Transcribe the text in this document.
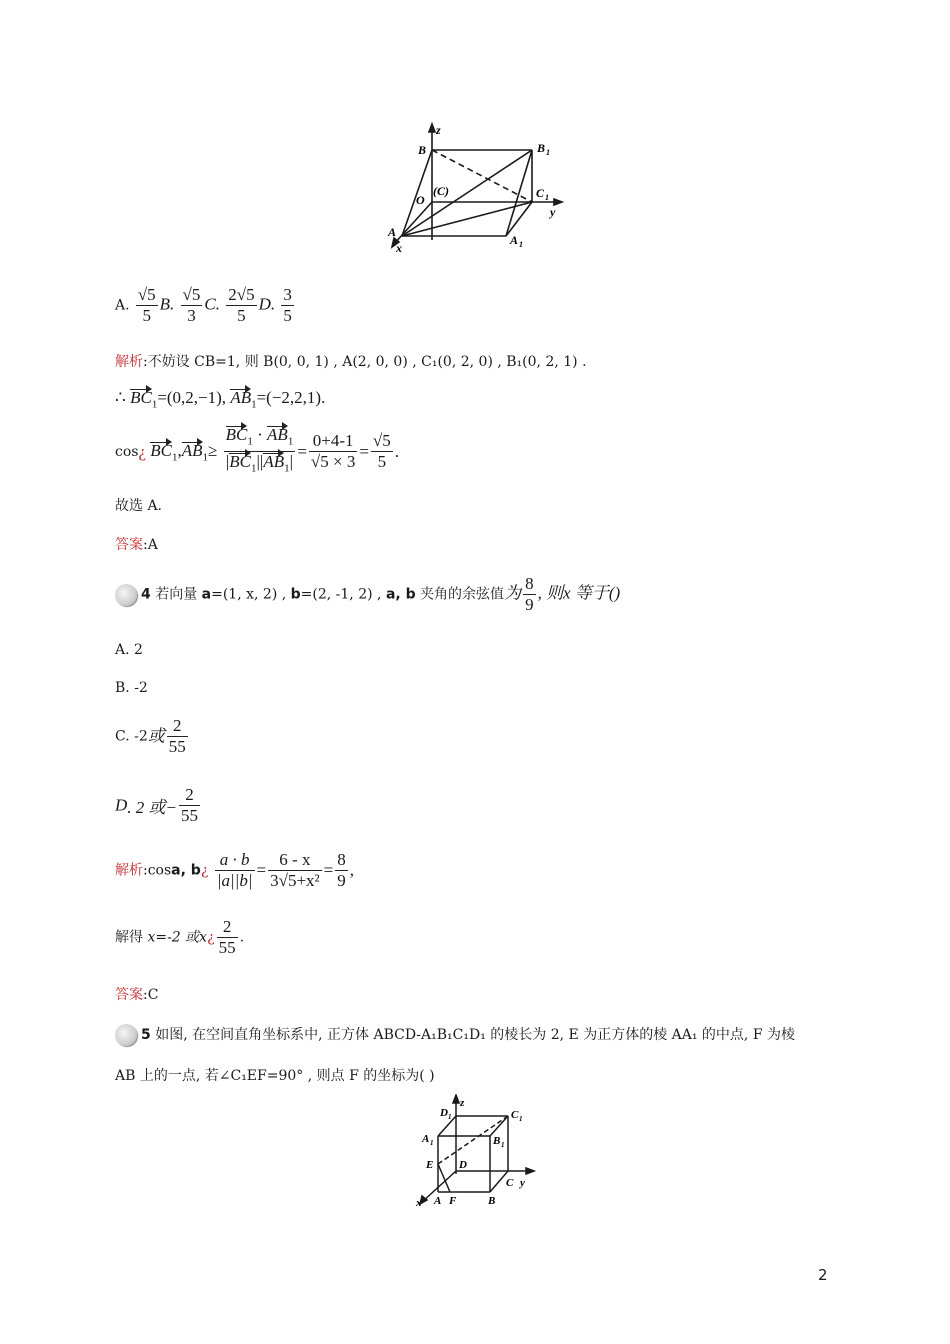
z
B	B 1
(C)
O	C 1
y
A
x
A 1
A. $\frac{√5}{5} B$. $\frac{√5}{3} C$. $\frac{2√5}{5} D$. $\frac{3}{5}$
解析:不妨设 CB=1, 则 B(0, 0, 1) , A(2, 0, 0) , C₁(0, 2, 0) , B₁(0, 2, 1) .
∴ $BC_1=(0,2,-1)$, $AB_1=(-2,2,1)$.
cos¿ $BC_1,AB_1\ge \frac{BC_1 \cdot AB_1}{|BC_1||AB_1|} = \frac{0+4-1}{√5 \times 3} = \frac{√5}{5}$ .
故选 A.
答案:A
4 若向量 a=(1, x, 2) , b=(2, -1, 2) , a, b 夹角的余弦值为 $\frac{8}{9}$ , 则x 等于()
A. 2
B. -2
C. -2或 $\frac{2}{55}$
D. 2 或− $\frac{2}{55}$
解析:cosa, b¿ $\frac{a \cdot b}{|a||b|} = \frac{6 - x}{\text{3√5+x²}} = \frac{8}{9}$ ,
解得 x=-2 或x¿ $\frac{2}{55}$ .
答案:C
5 如图, 在空间直角坐标系中, 正方体 ABCD-A₁B₁C₁D₁ 的棱长为 2, E 为正方体的棱 AA₁ 的中点, F 为棱
AB 上的一点, 若∠C₁EF=90° , 则点 F 的坐标为( )
D 1
z
C 1
A 1	B 1
E D
x A F	B
C y
2
